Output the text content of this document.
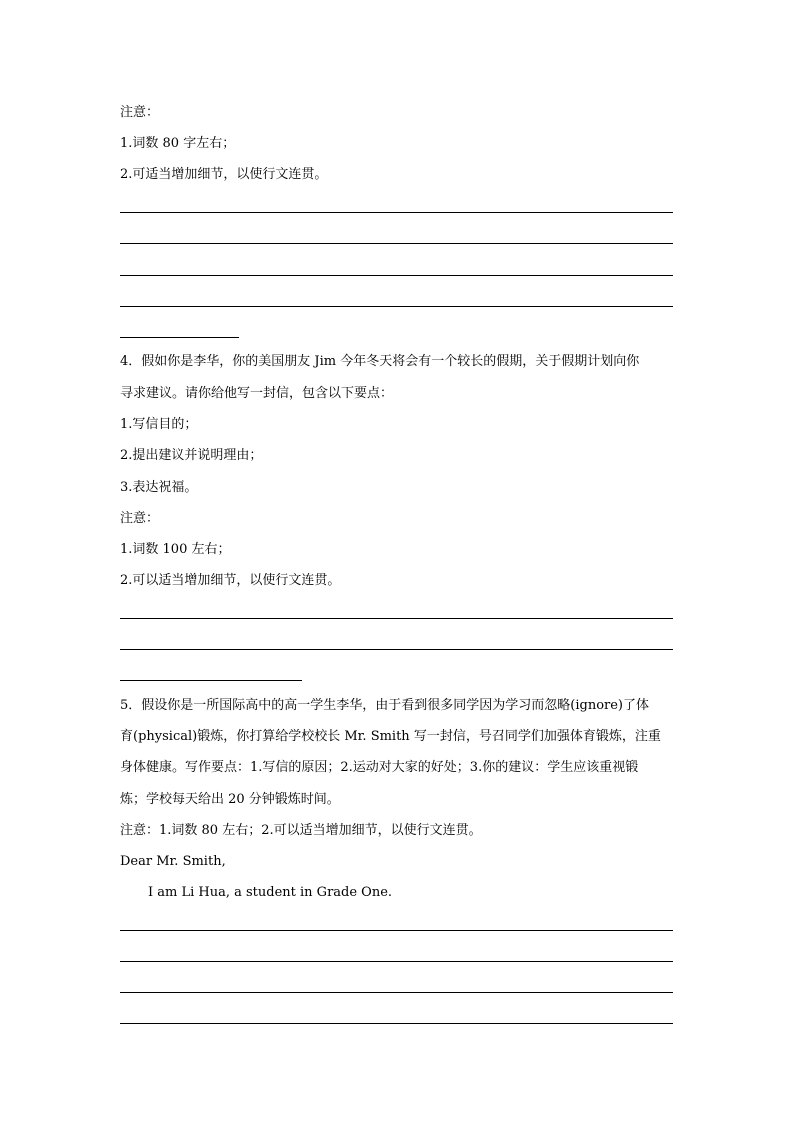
注意：
1.词数 80 字左右；
2.可适当增加细节，以使行文连贯。
4．假如你是李华，你的美国朋友 Jim 今年冬天将会有一个较长的假期，关于假期计划向你
寻求建议。请你给他写一封信，包含以下要点：
1.写信目的；
2.提出建议并说明理由；
3.表达祝福。
注意：
1.词数 100 左右；
2.可以适当增加细节，以使行文连贯。
5．假设你是一所国际高中的高一学生李华，由于看到很多同学因为学习而忽略(ignore)了体
育(physical)锻炼，你打算给学校校长 Mr. Smith 写一封信，号召同学们加强体育锻炼，注重
身体健康。写作要点：1.写信的原因；2.运动对大家的好处；3.你的建议：学生应该重视锻
炼；学校每天给出 20 分钟锻炼时间。
注意：1.词数 80 左右；2.可以适当增加细节，以使行文连贯。
Dear Mr. Smith,
I am Li Hua, a student in Grade One.
